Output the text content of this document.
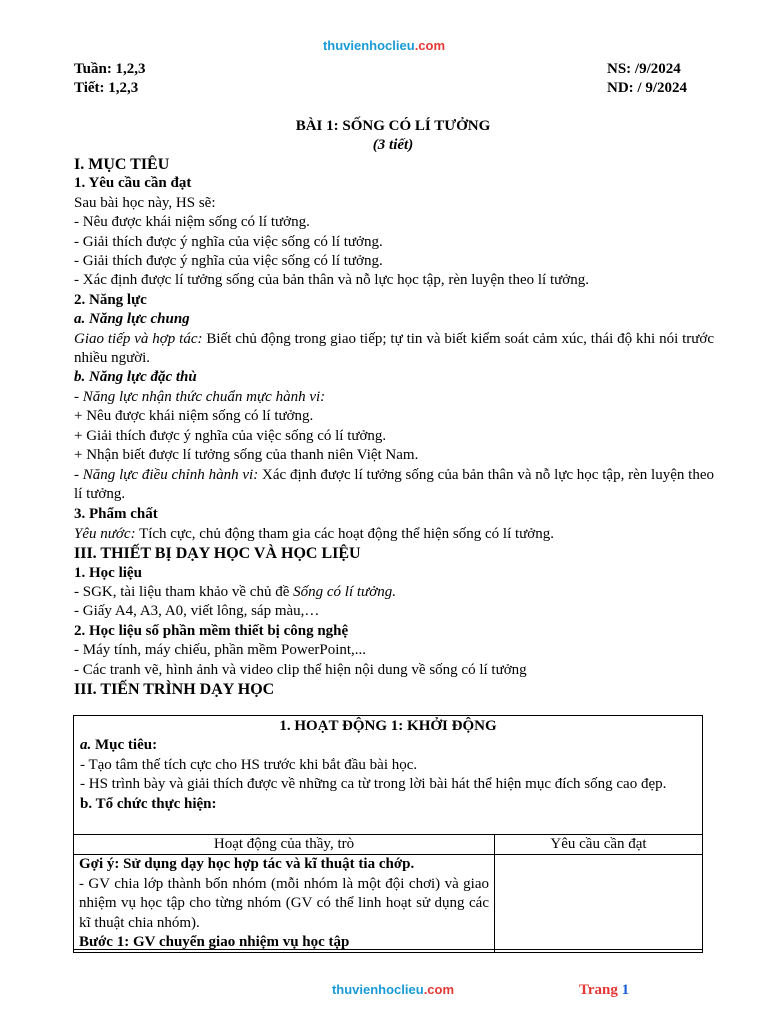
thuvienhoclieu.com
Tuần: 1,2,3
Tiết: 1,2,3
NS: /9/2024
ND: / 9/2024
BÀI 1: SỐNG CÓ LÍ TƯỞNG
(3 tiết)
I. MỤC TIÊU
1. Yêu cầu cần đạt
Sau bài học này, HS sẽ:
- Nêu được khái niệm sống có lí tưởng.
- Giải thích được ý nghĩa của việc sống có lí tưởng.
- Giải thích được ý nghĩa của việc sống có lí tưởng.
- Xác định được lí tưởng sống của bản thân và nỗ lực học tập, rèn luyện theo lí tưởng.
2. Năng lực
a. Năng lực chung
Giao tiếp và hợp tác: Biết chủ động trong giao tiếp; tự tin và biết kiểm soát cảm xúc, thái độ khi nói trước nhiều người.
b. Năng lực đặc thù
- Năng lực nhận thức chuẩn mực hành vi:
+ Nêu được khái niệm sống có lí tưởng.
+ Giải thích được ý nghĩa của việc sống có lí tưởng.
+ Nhận biết được lí tưởng sống của thanh niên Việt Nam.
- Năng lực điều chỉnh hành vi: Xác định được lí tưởng sống của bản thân và nỗ lực học tập, rèn luyện theo lí tưởng.
3. Phẩm chất
Yêu nước: Tích cực, chủ động tham gia các hoạt động thể hiện sống có lí tưởng.
III. THIẾT BỊ DẠY HỌC VÀ HỌC LIỆU
1. Học liệu
- SGK, tài liệu tham khảo về chủ đề Sống có lí tưởng.
- Giấy A4, A3, A0, viết lông, sáp màu,…
2. Học liệu số phần mềm thiết bị công nghệ
- Máy tính, máy chiếu, phần mềm PowerPoint,...
- Các tranh vẽ, hình ảnh và video clip thể hiện nội dung về sống có lí tưởng
III. TIẾN TRÌNH DẠY HỌC
1. HOẠT ĐỘNG 1: KHỞI ĐỘNG
a. Mục tiêu:
- Tạo tâm thế tích cực cho HS trước khi bắt đầu bài học.
- HS trình bày và giải thích được về những ca từ trong lời bài hát thể hiện mục đích sống cao đẹp.
b. Tổ chức thực hiện:
Hoạt động của thầy, trò	Yêu cầu cần đạt

Gợi ý: Sử dụng dạy học hợp tác và kĩ thuật tia chớp.
- GV chia lớp thành bốn nhóm (mỗi nhóm là một đội chơi) và giao nhiệm vụ học tập cho từng nhóm (GV có thể linh hoạt sử dụng các kĩ thuật chia nhóm).
Bước 1: GV chuyển giao nhiệm vụ học tập	

thuvienhoclieu.com	Trang 1
